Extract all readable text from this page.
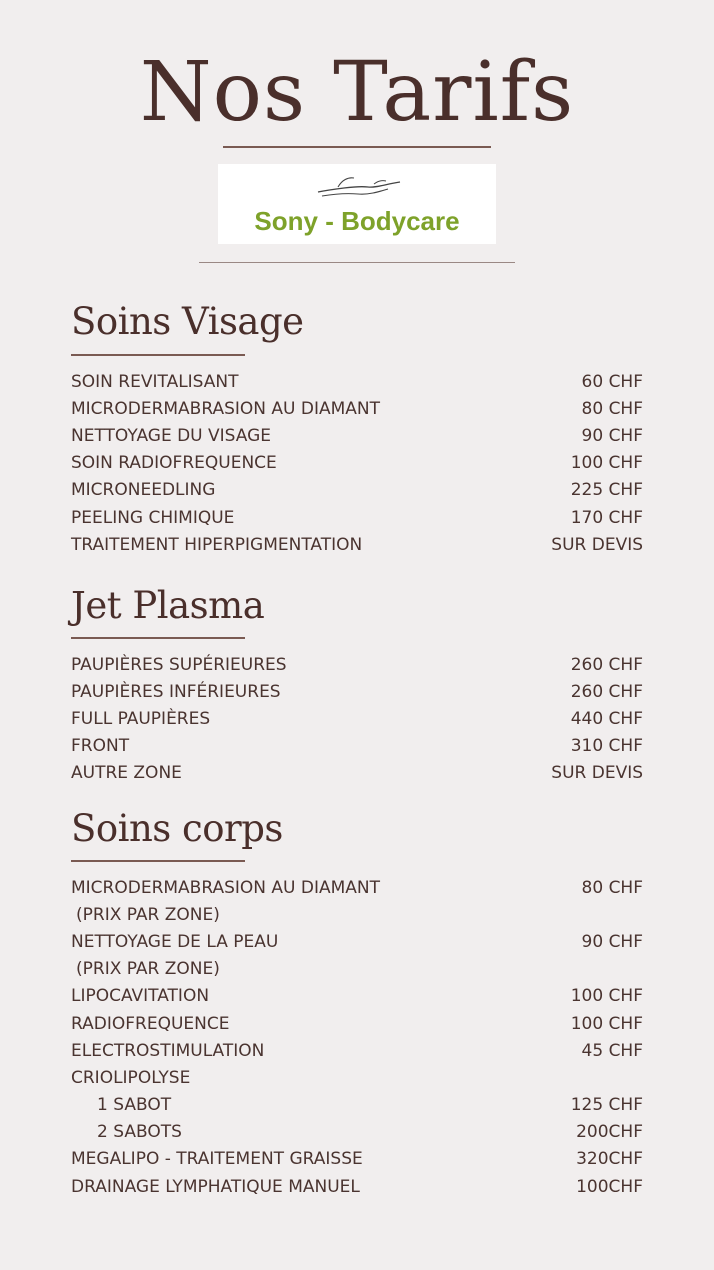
Nos Tarifs
Sony - Bodycare
Soins Visage
SOIN REVITALISANT	60 CHF
MICRODERMABRASION AU DIAMANT	80 CHF
NETTOYAGE DU VISAGE	90 CHF
SOIN RADIOFREQUENCE	100 CHF
MICRONEEDLING	225 CHF
PEELING CHIMIQUE	170 CHF
TRAITEMENT HIPERPIGMENTATION	SUR DEVIS
Jet Plasma
PAUPIÈRES SUPÉRIEURES	260 CHF
PAUPIÈRES INFÉRIEURES	260 CHF
FULL PAUPIÈRES	440 CHF
FRONT	310 CHF
AUTRE ZONE	SUR DEVIS
Soins corps
MICRODERMABRASION AU DIAMANT	80 CHF
(PRIX PAR ZONE)
NETTOYAGE DE LA PEAU	90 CHF
(PRIX PAR ZONE)
LIPOCAVITATION	100 CHF
RADIOFREQUENCE	100 CHF
ELECTROSTIMULATION	45 CHF
CRIOLIPOLYSE
1 SABOT	125 CHF
2 SABOTS	200CHF
MEGALIPO - TRAITEMENT GRAISSE	320CHF
DRAINAGE LYMPHATIQUE MANUEL	100CHF
